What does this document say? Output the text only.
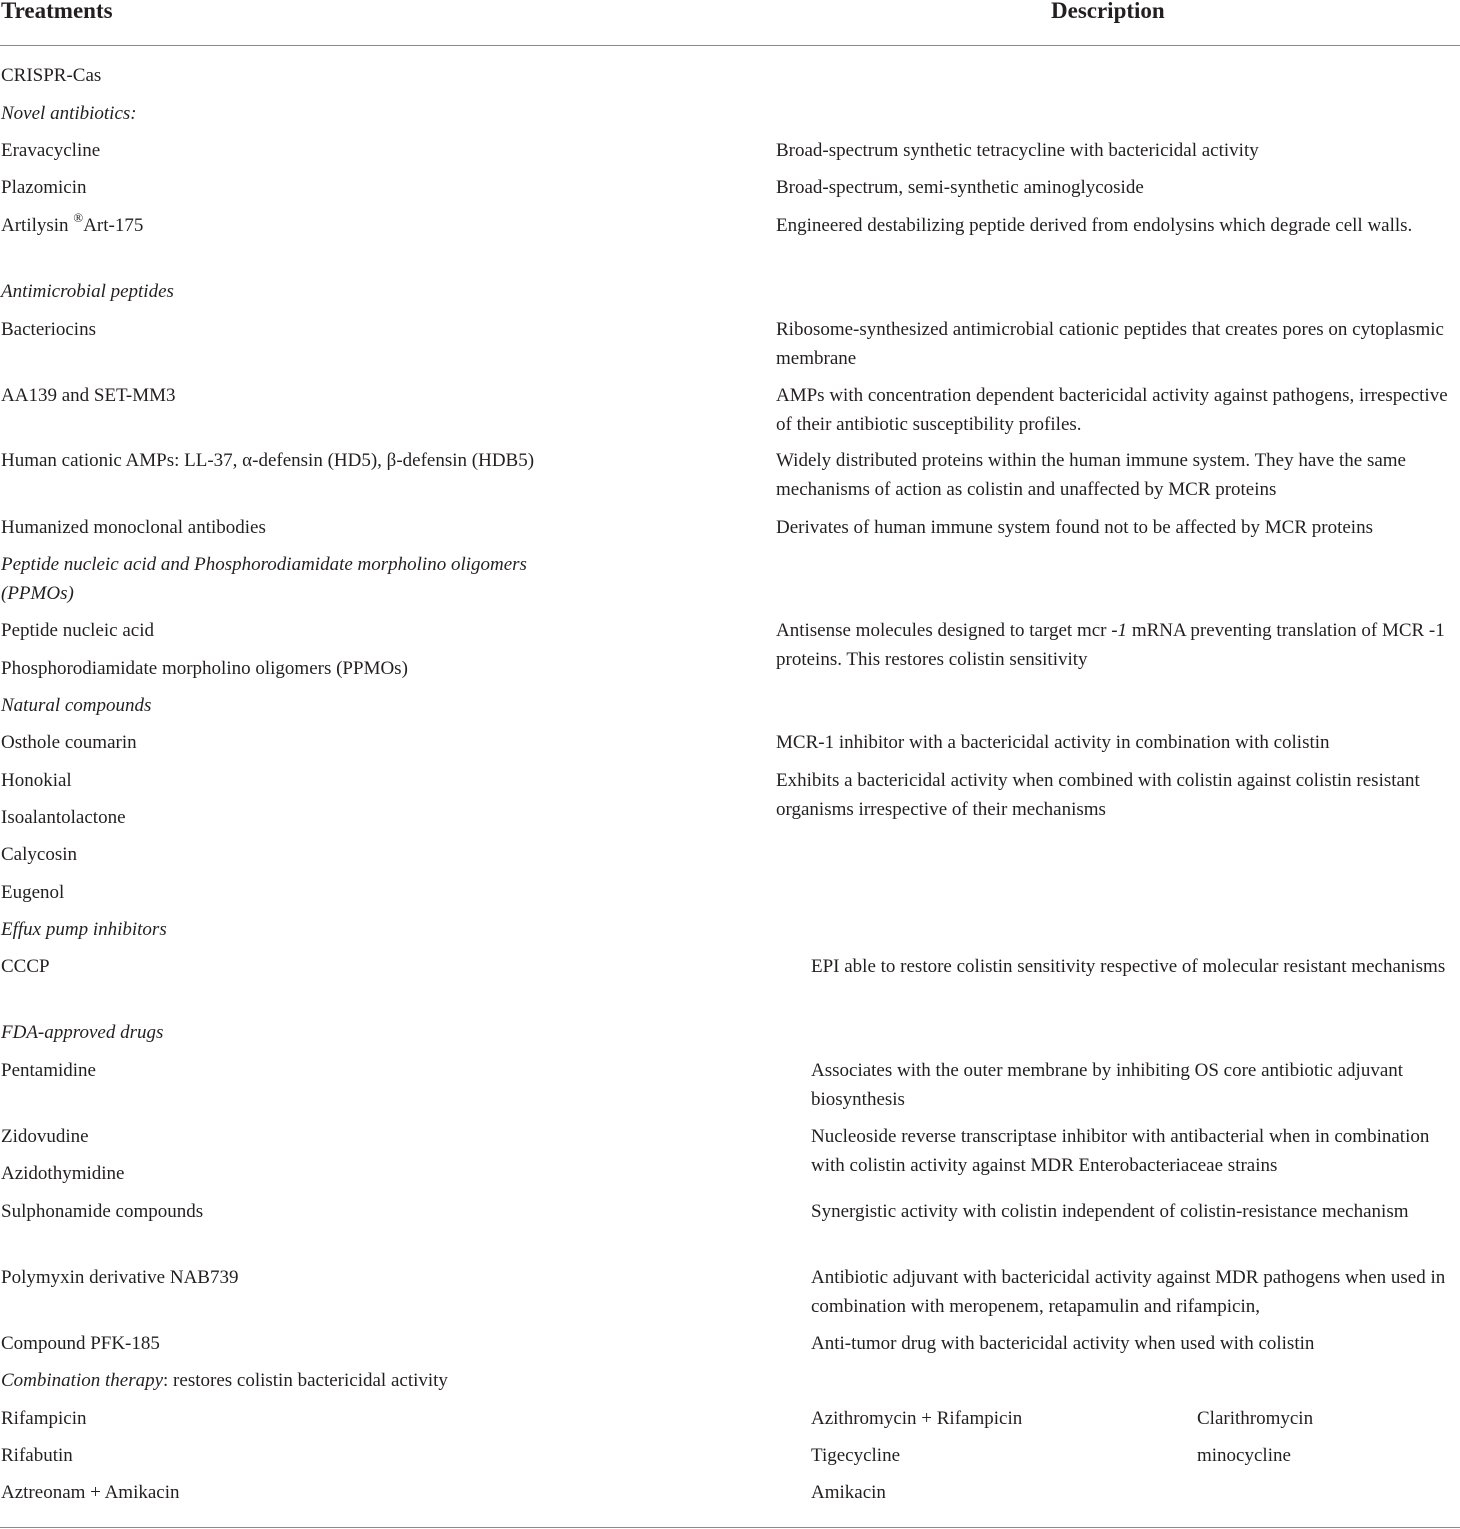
Treatments	Description
CRISPR-Cas
Novel antibiotics:
Eravacycline	Broad-spectrum synthetic tetracycline with bactericidal activity
Plazomicin	Broad-spectrum, semi-synthetic aminoglycoside
Artilysin ®Art-175	Engineered destabilizing peptide derived from endolysins which degrade cell walls.
Antimicrobial peptides
Bacteriocins	Ribosome-synthesized antimicrobial cationic peptides that creates pores on cytoplasmic membrane
AA139 and SET-MM3	AMPs with concentration dependent bactericidal activity against pathogens, irrespective of their antibiotic susceptibility profiles.
Human cationic AMPs: LL-37, α-defensin (HD5), β-defensin (HDB5)	Widely distributed proteins within the human immune system. They have the same mechanisms of action as colistin and unaffected by MCR proteins
Humanized monoclonal antibodies	Derivates of human immune system found not to be affected by MCR proteins
Peptide nucleic acid and Phosphorodiamidate morpholino oligomers (PPMOs)
Peptide nucleic acid	Antisense molecules designed to target mcr -1 mRNA preventing translation of MCR -1 proteins. This restores colistin sensitivity
Phosphorodiamidate morpholino oligomers (PPMOs)
Natural compounds
Osthole coumarin	MCR-1 inhibitor with a bactericidal activity in combination with colistin
Honokial	Exhibits a bactericidal activity when combined with colistin against colistin resistant organisms irrespective of their mechanisms
Isoalantolactone
Calycosin
Eugenol
Effux pump inhibitors
CCCP	EPI able to restore colistin sensitivity respective of molecular resistant mechanisms
FDA-approved drugs
Pentamidine	Associates with the outer membrane by inhibiting OS core antibiotic adjuvant biosynthesis
Zidovudine	Nucleoside reverse transcriptase inhibitor with antibacterial when in combination with colistin activity against MDR Enterobacteriaceae strains
Azidothymidine
Sulphonamide compounds	Synergistic activity with colistin independent of colistin-resistance mechanism
Polymyxin derivative NAB739	Antibiotic adjuvant with bactericidal activity against MDR pathogens when used in combination with meropenem, retapamulin and rifampicin,
Compound PFK-185	Anti-tumor drug with bactericidal activity when used with colistin
Combination therapy: restores colistin bactericidal activity
Rifampicin	Azithromycin + Rifampicin	Clarithromycin
Rifabutin	Tigecycline	minocycline
Aztreonam + Amikacin	Amikacin
